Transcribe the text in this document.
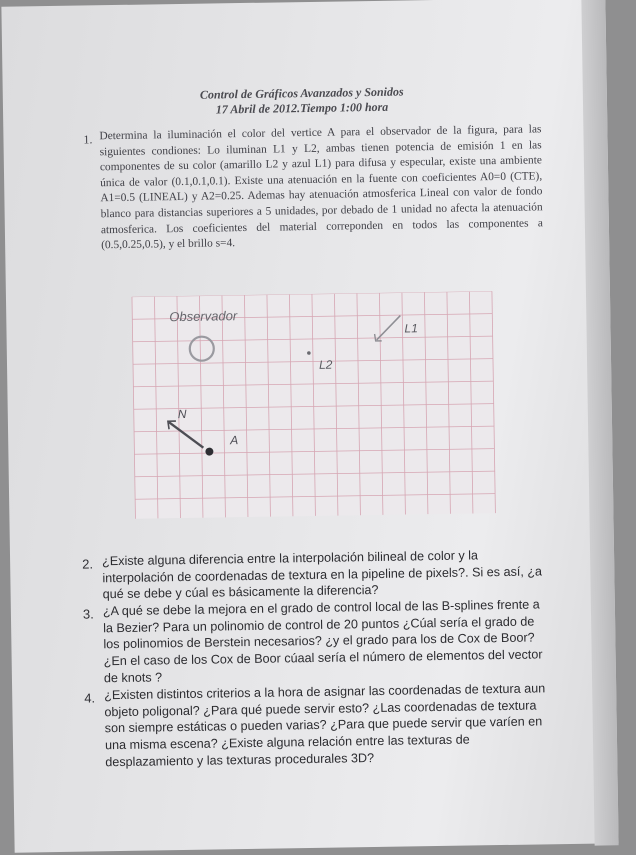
Control de Gráficos Avanzados y Sonidos
17 Abril de 2012.Tiempo 1:00 hora
1. Determina la iluminación el color del vertice A para el observador de la figura, para las siguientes condiones: Lo iluminan L1 y L2, ambas tienen potencia de emisión 1 en las componentes de su color (amarillo L2 y azul L1) para difusa y especular, existe una ambiente única de valor (0.1,0.1,0.1). Existe una atenuación en la fuente con coeficientes A0=0 (CTE), A1=0.5 (LINEAL) y A2=0.25. Ademas hay atenuación atmosferica Lineal con valor de fondo blanco para distancias superiores a 5 unidades, por debado de 1 unidad no afecta la atenuación atmosferica. Los coeficientes del material correponden en todos las componentes a (0.5,0.25,0.5), y el brillo s=4.
Observador
L1
L2
N
A
2. ¿Existe alguna diferencia entre la interpolación bilineal de color y la interpolación de coordenadas de textura en la pipeline de pixels?. Si es así, ¿a qué se debe y cúal es básicamente la diferencia?
3. ¿A qué se debe la mejora en el grado de control local de las B-splines frente a la Bezier? Para un polinomio de control de 20 puntos ¿Cúal sería el grado de los polinomios de Berstein necesarios? ¿y el grado para los de Cox de Boor? ¿En el caso de los Cox de Boor cúaal sería el número de elementos del vector de knots ?
4. ¿Existen distintos criterios a la hora de asignar las coordenadas de textura aun objeto poligonal? ¿Para qué puede servir esto? ¿Las coordenadas de textura son siempre estáticas o pueden varias? ¿Para que puede servir que varíen en una misma escena? ¿Existe alguna relación entre las texturas de desplazamiento y las texturas procedurales 3D?
